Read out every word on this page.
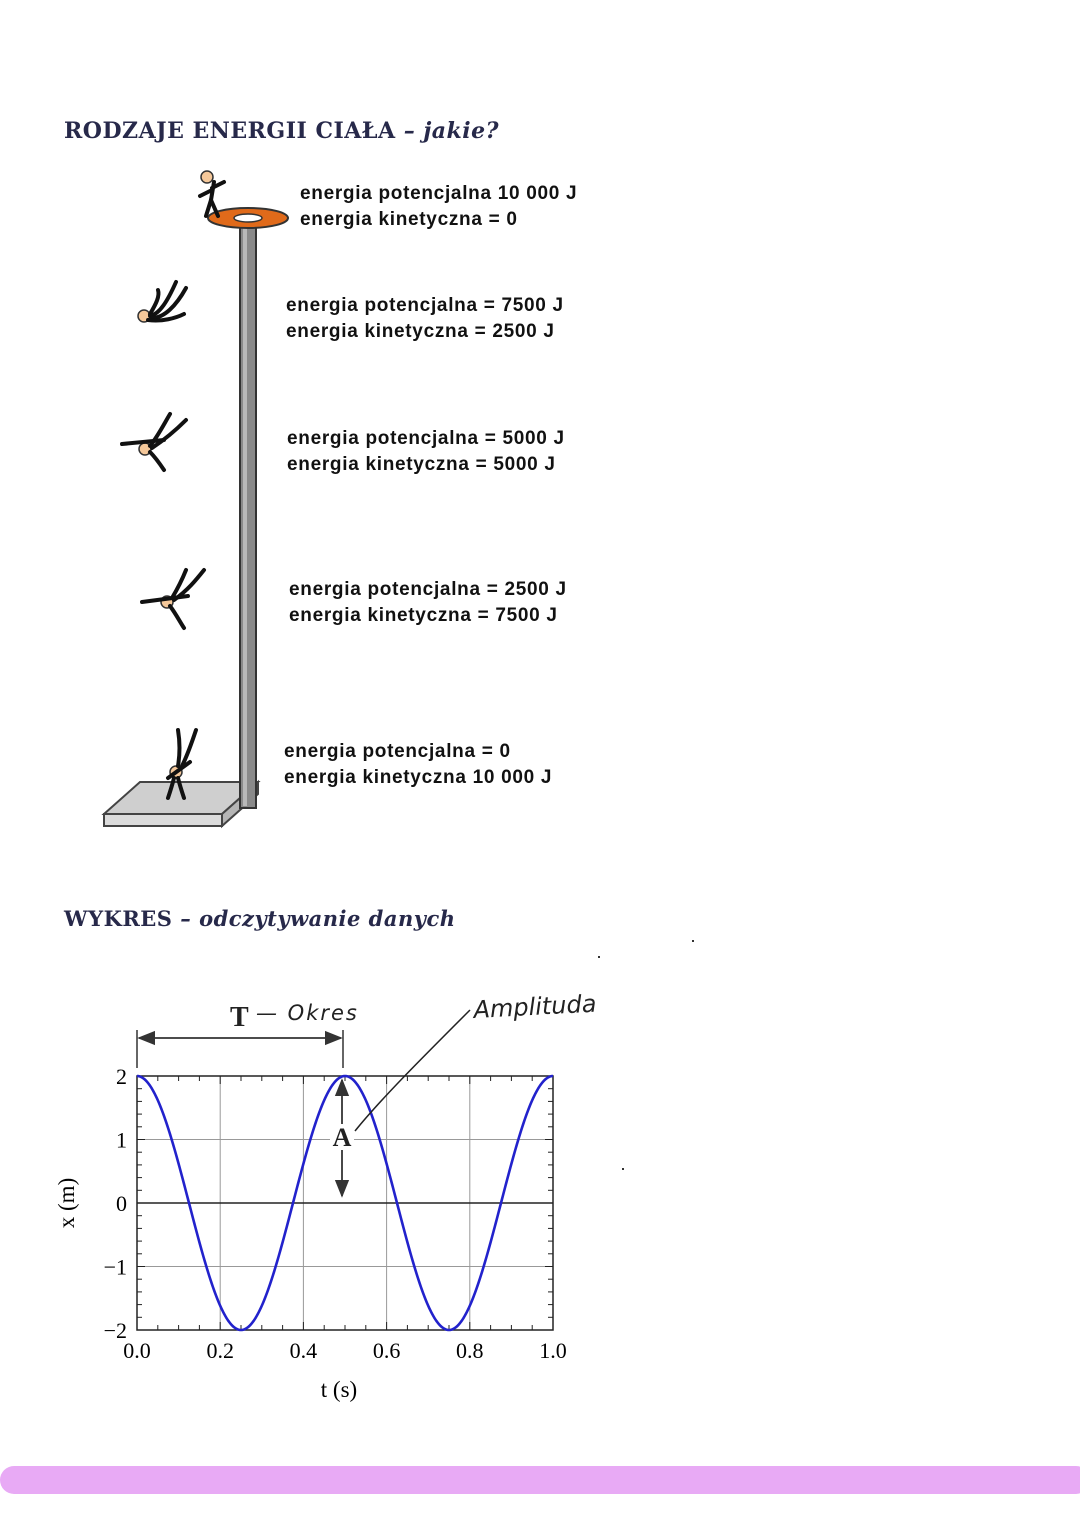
RODZAJE ENERGII CIAŁA – jakie?
energia potencjalna 10 000 J
energia kinetyczna = 0
energia potencjalna = 7500 J
energia kinetyczna = 2500 J
energia potencjalna = 5000 J
energia kinetyczna = 5000 J
energia potencjalna = 2500 J
energia kinetyczna = 7500 J
energia potencjalna = 0
energia kinetyczna 10 000 J
WYKRES – odczytywanie danych
2
1
0
−1
−2
0.0	0.2	0.4	0.6	0.8	1.0
t (s)
x (m)
T — Okres
A
Amplituda
